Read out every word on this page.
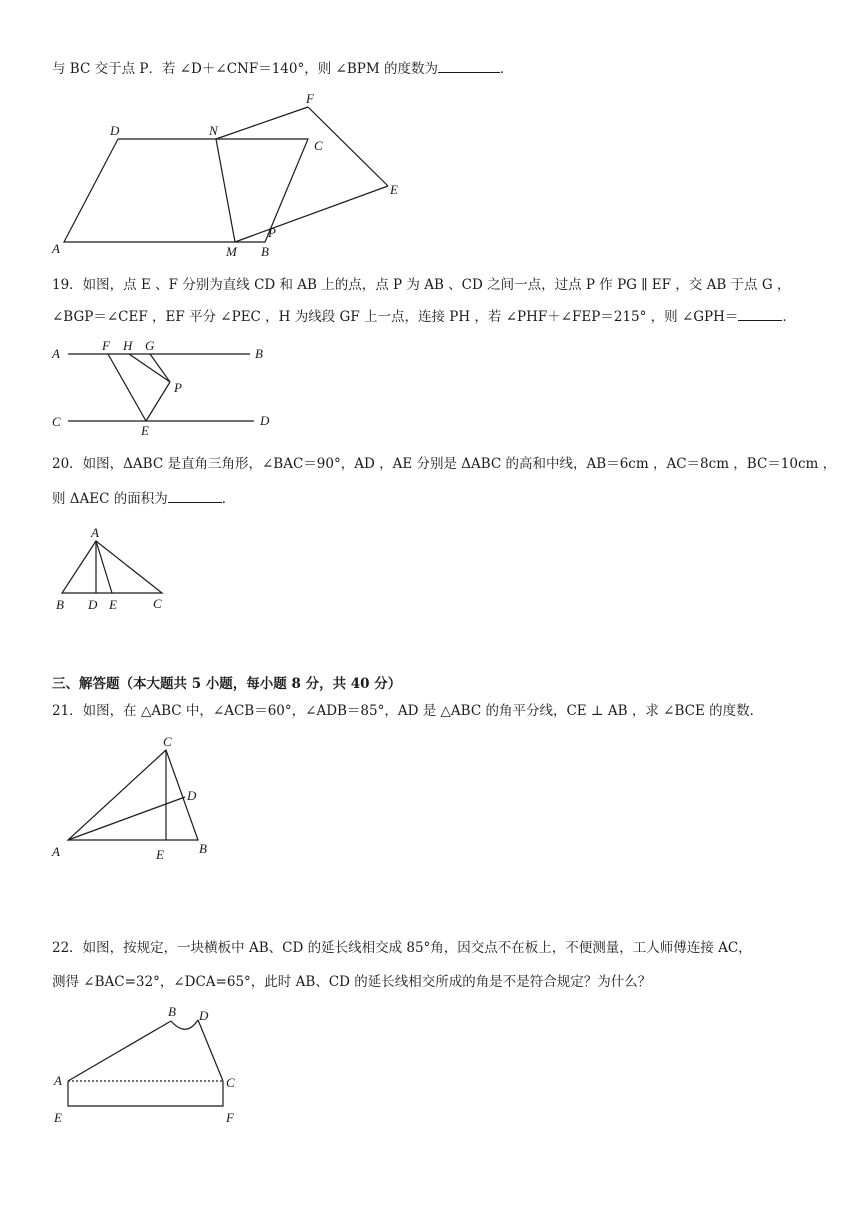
与 BC 交于点 P．若 ∠D＋∠CNF＝140°，则 ∠BPM 的度数为	．
D	N
F
C
E
A	M B
P
19．如图，点 E 、F 分别为直线 CD 和 AB 上的点，点 P 为 AB 、CD 之间一点，过点 P 作 PG ∥ EF ，交 AB 于点 G ，
∠BGP＝∠CEF ，EF 平分 ∠PEC ，H 为线段 GF 上一点，连接 PH ，若 ∠PHF＋∠FEP＝215° ，则 ∠GPH＝	．
A
F H G
B
P
C
E
D
20．如图，ΔABC 是直角三角形，∠BAC＝90°，AD ，AE 分别是 ΔABC 的高和中线，AB＝6cm ，AC＝8cm ，BC＝10cm ，
则 ΔAEC 的面积为	．
A
B D E	C
三、解答题（本大题共 5 小题，每小题 8 分，共 40 分）
21．如图，在 △ABC 中，∠ACB＝60°，∠ADB＝85°，AD 是 △ABC 的角平分线，CE ⊥ AB ，求 ∠BCE 的度数．
C
D
A	E	B
22．如图，按规定，一块横板中 AB、CD 的延长线相交成 85°角，因交点不在板上，不便测量，工人师傅连接 AC，
测得 ∠BAC=32°，∠DCA=65°，此时 AB、CD 的延长线相交所成的角是不是符合规定？为什么？
B D
A	C
E	F
